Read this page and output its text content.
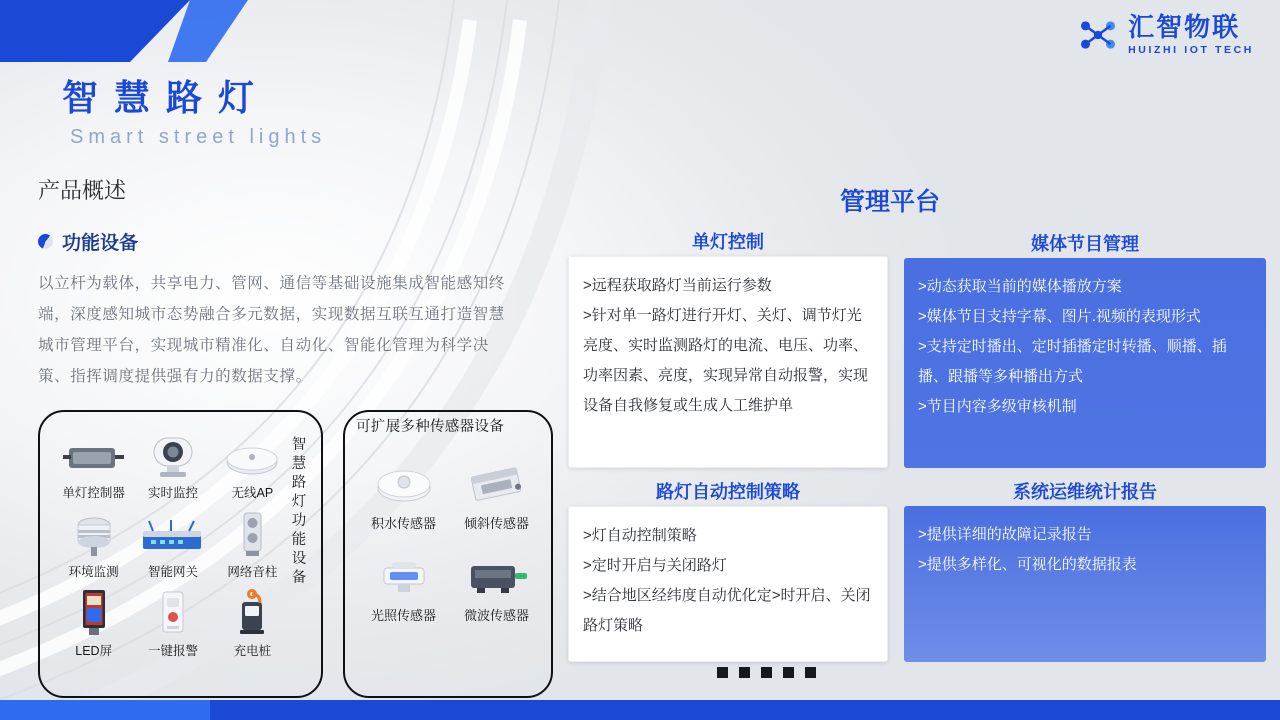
汇智物联
HUIZHI IOT TECH
智慧路灯
Smart street lights
产品概述
功能设备
以立杆为载体，共享电力、管网、通信等基础设施集成智能感知终端，深度感知城市态势融合多元数据，实现数据互联互通打造智慧城市管理平台，实现城市精准化、自动化、智能化管理为科学决策、指挥调度提供强有力的数据支撑。
单灯控制器	实时监控	无线AP
环境监测	智能网关	网络音柱
LED屏	一键报警	充电桩
智慧路灯功能设备
积水传感器	倾斜传感器
光照传感器	微波传感器
可扩展多种传感器设备
管理平台
单灯控制

>远程获取路灯当前运行参数

>针对单一路灯进行开灯、关灯、调节灯光亮度、实时监测路灯的电流、电压、功率、功率因素、亮度，实现异常自动报警，实现设备自我修复或生成人工维护单

媒体节目管理

>动态获取当前的媒体播放方案

>媒体节目支持字幕、图片.视频的表现形式

>支持定时播出、定时插播定时转播、顺播、插播、跟播等多种播出方式

>节目内容多级审核机制

路灯自动控制策略

>灯自动控制策略

>定时开启与关闭路灯

>结合地区经纬度自动优化定>时开启、关闭路灯策略

系统运维统计报告

>提供详细的故障记录报告

>提供多样化、可视化的数据报表
